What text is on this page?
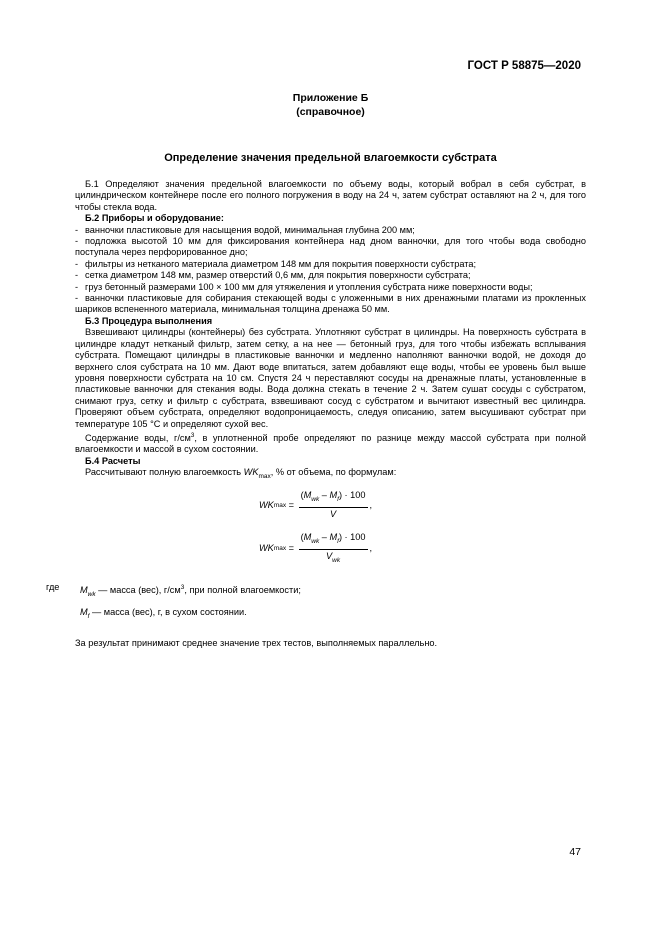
ГОСТ Р 58875—2020
Приложение Б
(справочное)
Определение значения предельной влагоемкости субстрата

Б.1 Определяют значения предельной влагоемкости по объему воды, который вобрал в себя субстрат, в цилиндрическом контейнере после его полного погружения в воду на 24 ч, затем субстрат оставляют на 2 ч, для того чтобы стекла вода.

Б.2 Приборы и оборудование:

- ванночки пластиковые для насыщения водой, минимальная глубина 200 мм;

- подложка высотой 10 мм для фиксирования контейнера над дном ванночки, для того чтобы вода свободно поступала через перфорированное дно;

- фильтры из нетканого материала диаметром 148 мм для покрытия поверхности субстрата;

- сетка диаметром 148 мм, размер отверстий 0,6 мм, для покрытия поверхности субстрата;

- груз бетонный размерами 100 × 100 мм для утяжеления и утопления субстрата ниже поверхности воды;

- ванночки пластиковые для собирания стекающей воды с уложенными в них дренажными платами из прокленных шариков вспененного материала, минимальная толщина дренажа 50 мм.

Б.3 Процедура выполнения

Взвешивают цилиндры (контейнеры) без субстрата. Уплотняют субстрат в цилиндры. На поверхность субстрата в цилиндре кладут нетканый фильтр, затем сетку, а на нее — бетонный груз, для того чтобы избежать всплывания субстрата. Помещают цилиндры в пластиковые ванночки и медленно наполняют ванночки водой, не доходя до верхнего слоя субстрата на 10 мм. Дают воде впитаться, затем добавляют еще воды, чтобы ее уровень был выше уровня поверхности субстрата на 10 см. Спустя 24 ч переставляют сосуды на дренажные платы, установленные в пластиковые ванночки для стекания воды. Вода должна стекать в течение 2 ч. Затем сушат сосуды с субстратом, снимают груз, сетку и фильтр с субстрата, взвешивают сосуд с субстратом и вычитают известный вес цилиндра. Проверяют объем субстрата, определяют водопроницаемость, следуя описанию, затем высушивают субстрат при температуре 105 °С и определяют сухой вес.

Содержание воды, $г/см^3$, в уплотненной пробе определяют по разнице между массой субстрата при полной влагоемкости и массой в сухом состоянии.

Б.4 Расчеты

Рассчитывают полную влагоемкость $WK_{max}$, % от объема, по формулам:

WK $\max = \frac{(M_{wk} - M_f) \cdot 100}{V}$ ,
WK $\max = \frac{(M_{wk} - M_f) \cdot 100}{V_{wk}}$ ,
где	$M_{wk}$ — масса (вес), $г/см^3$, при полной влагоемкости;
$M_f$ — масса (вес), г, в сухом состоянии.

За результат принимают среднее значение трех тестов, выполняемых параллельно.

47
